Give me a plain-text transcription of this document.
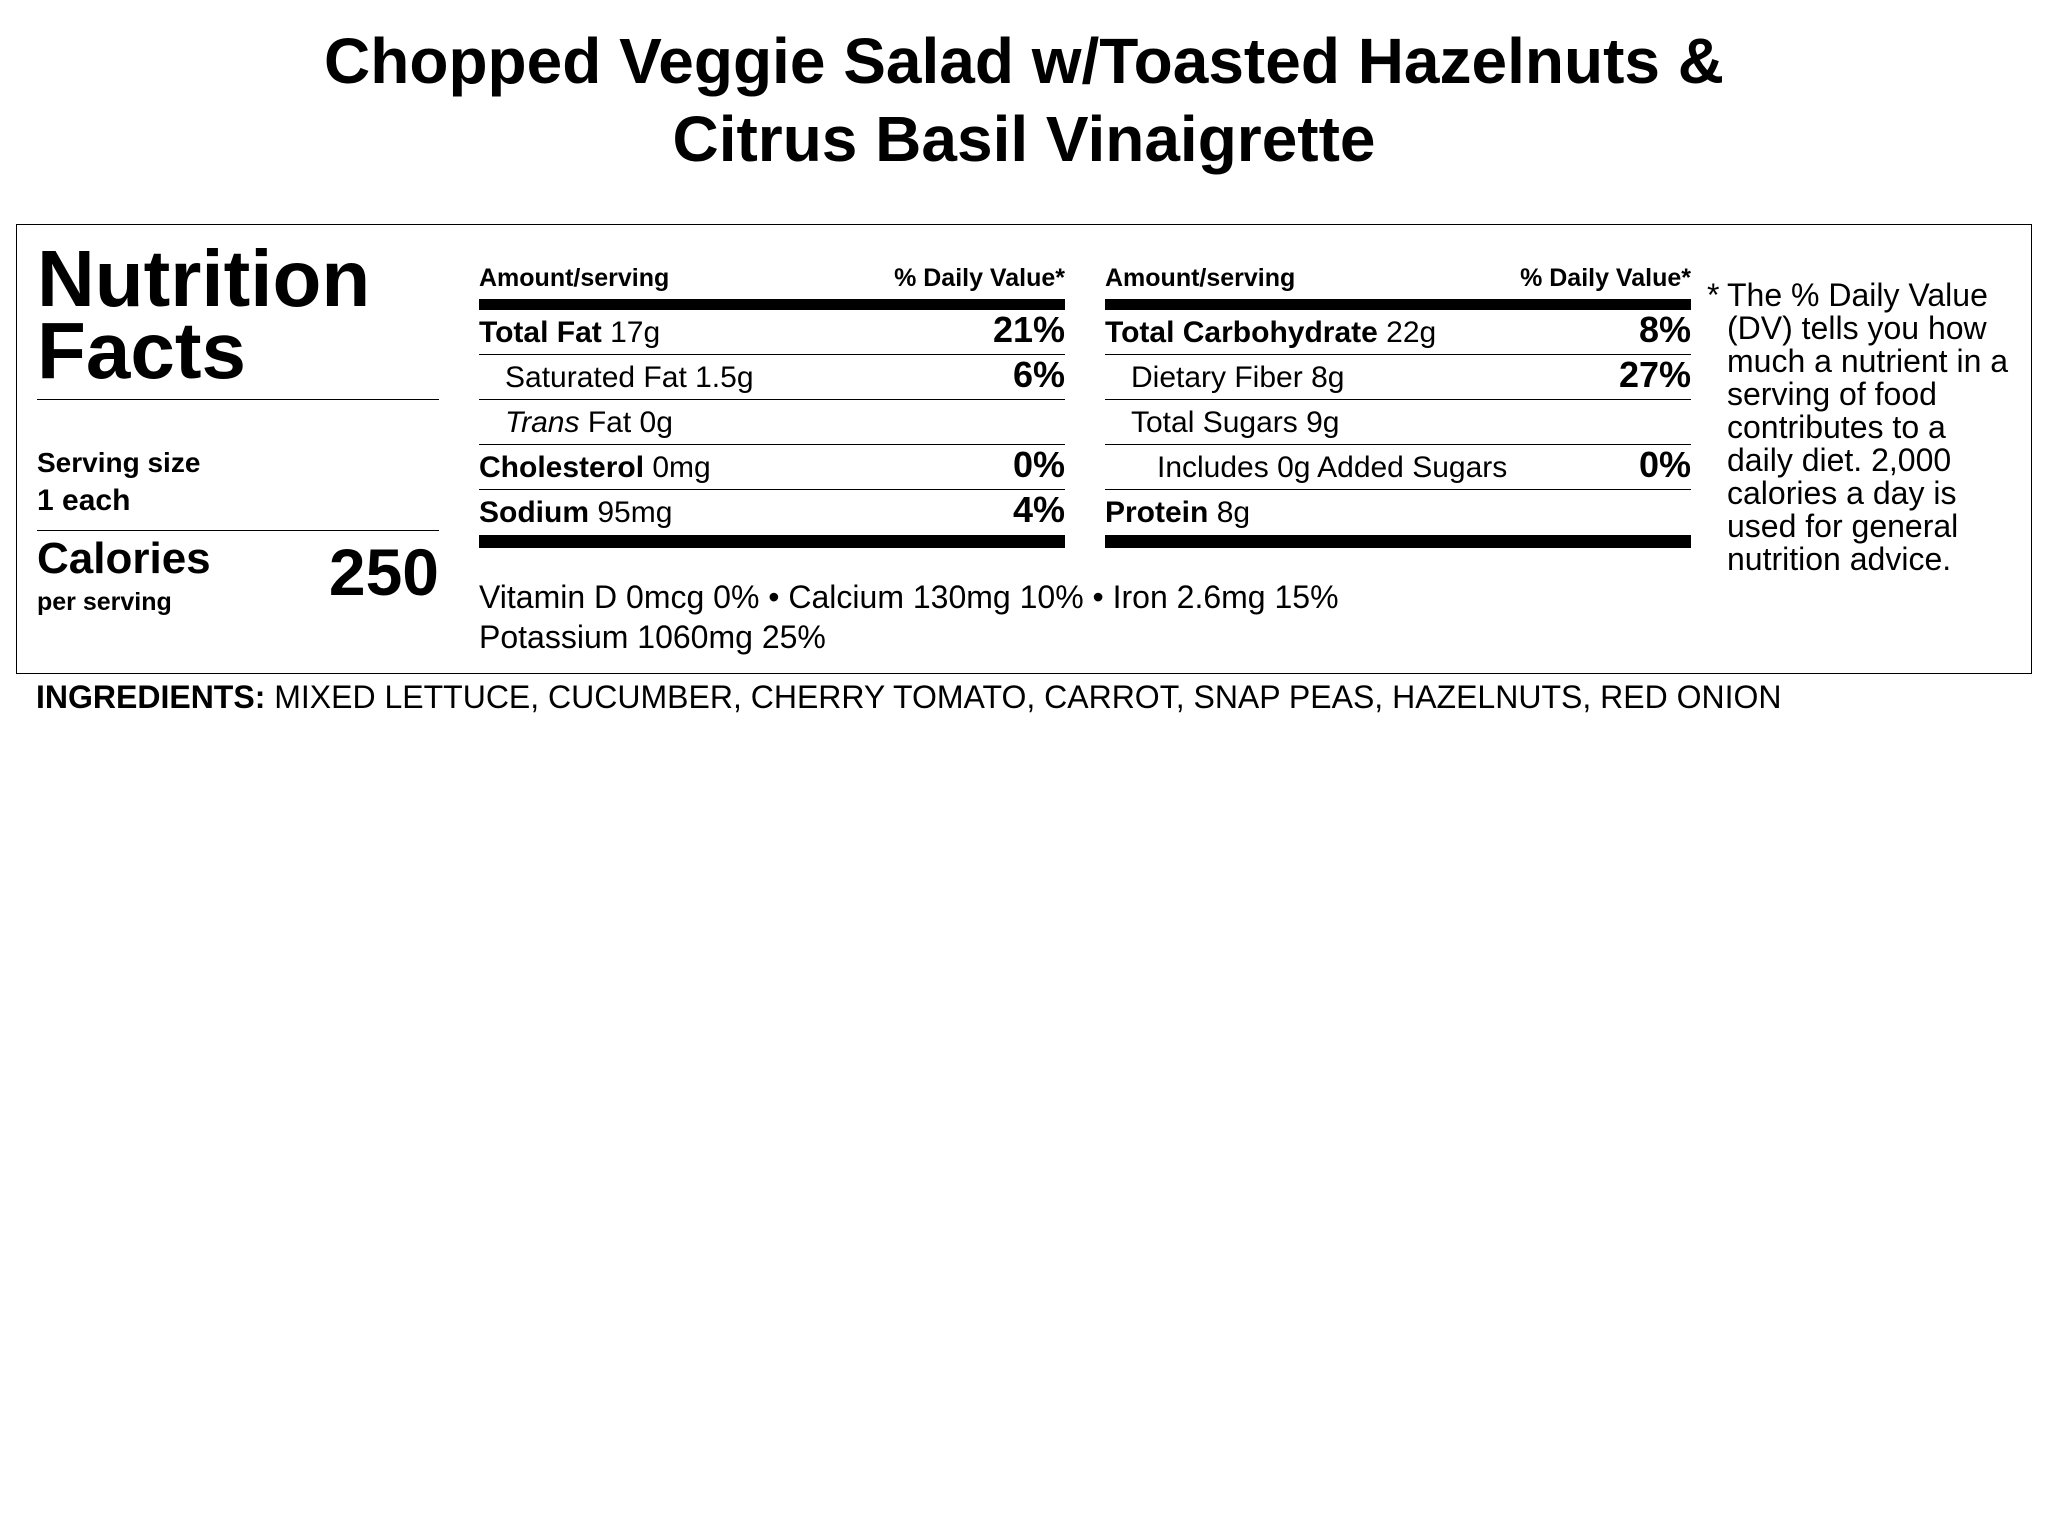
Chopped Veggie Salad w/Toasted Hazelnuts &
Citrus Basil Vinaigrette
Nutrition
Facts
Serving size
1 each
Calories
per serving 250
Amount/serving	% Daily Value*
Total Fat 17g	21%
Saturated Fat 1.5g	6%
Trans Fat 0g
Cholesterol 0mg	0%
Sodium 95mg	4%
Amount/serving	% Daily Value*
Total Carbohydrate 22g	8%
Dietary Fiber 8g	27%
Total Sugars 9g
Includes 0g Added Sugars	0%
Protein 8g
Vitamin D 0mcg 0% • Calcium 130mg 10% • Iron 2.6mg 15%
Potassium 1060mg 25%
* The % Daily Value (DV) tells you how much a nutrient in a serving of food contributes to a daily diet. 2,000 calories a day is used for general nutrition advice.
INGREDIENTS: MIXED LETTUCE, CUCUMBER, CHERRY TOMATO, CARROT, SNAP PEAS, HAZELNUTS, RED ONION
